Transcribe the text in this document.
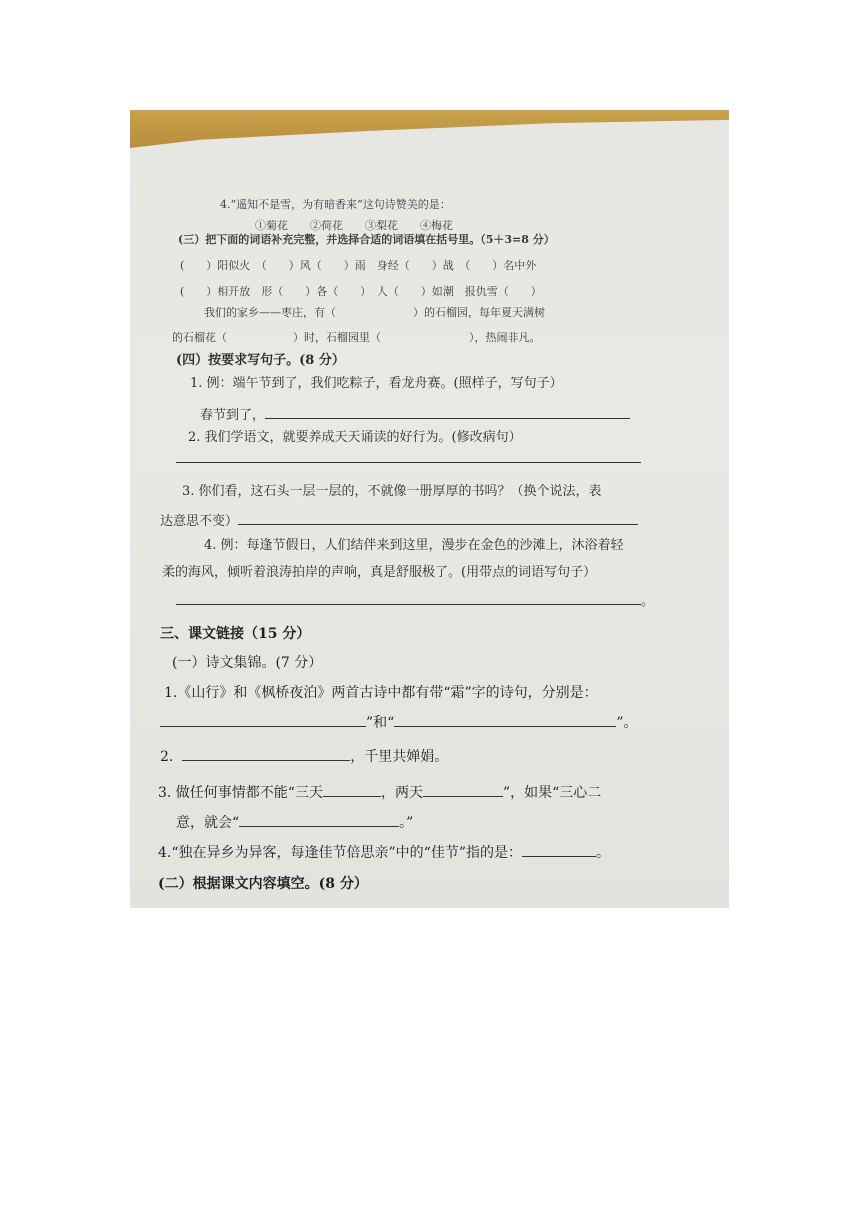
4.“遥知不是雪，为有暗香来”这句诗赞美的是：
①菊花　　②荷花　　③梨花　　④梅花
(三）把下面的词语补充完整，并选择合适的词语填在括号里。（5＋3=8 分）
(　　）阳似火　（　　）风（　　）雨　身经（　　）战　（　　）名中外
(　　）相开放　形（　　）各（　　）　人（　　）如潮　报仇雪（　　）
我们的家乡——枣庄，有（　　　　　　　）的石榴园，每年夏天满树
的石榴花（　　　　　　）时，石榴园里（　　　　　　　　），热闹非凡。
(四）按要求写句子。(8 分）
1. 例：端午节到了，我们吃粽子，看龙舟赛。(照样子，写句子）
春节到了，
2. 我们学语文，就要养成天天诵读的好行为。(修改病句）
3. 你们看，这石头一层一层的，不就像一册厚厚的书吗？（换个说法，表
达意思不变）
4. 例：每逢节假日，人们结伴来到这里，漫步在金色的沙滩上，沐浴着轻
柔的海风，倾听着浪涛拍岸的声响，真是舒服极了。(用带点的词语写句子）
。
三、课文链接（15 分）
(一）诗文集锦。(7 分）
1.《山行》和《枫桥夜泊》两首古诗中都有带“霜”字的诗句，分别是：
”和“	”。
2.	，千里共婵娟。
3. 做任何事情都不能“三天	，两天	”，如果“三心二
意，就会“	。”
4.“独在异乡为异客，每逢佳节倍思亲”中的“佳节”指的是：	。
(二）根据课文内容填空。(8 分）
